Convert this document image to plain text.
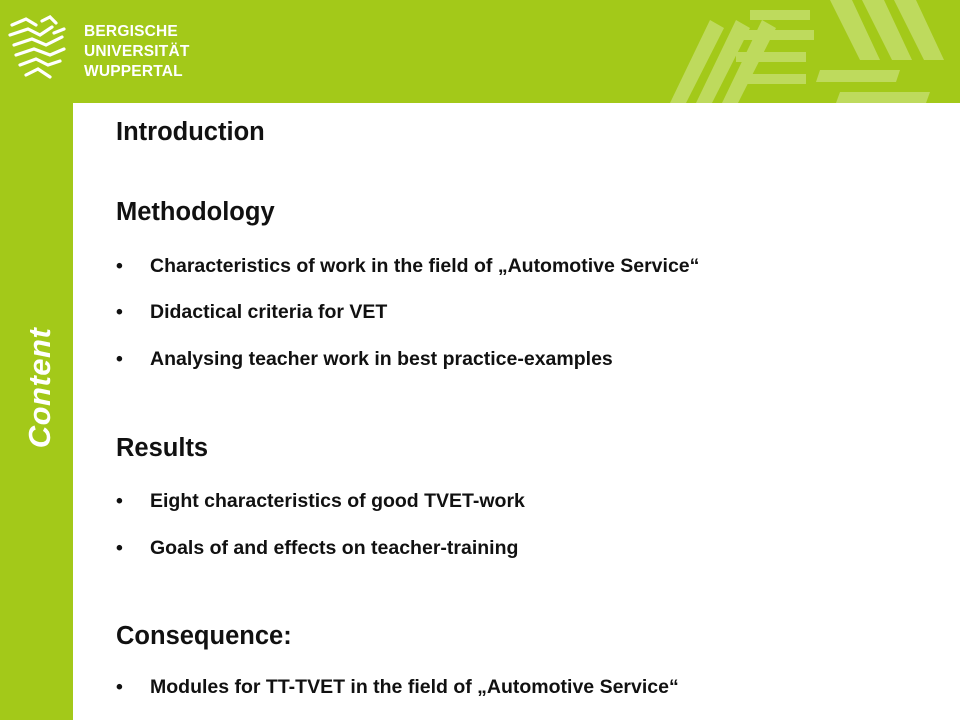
BERGISCHE
UNIVERSITÄT
WUPPERTAL
Content
Introduction
Methodology
• Characteristics of work in the field of „Automotive Service“
• Didactical criteria for VET
• Analysing teacher work in best practice-examples
Results
• Eight characteristics of good TVET-work
• Goals of and effects on teacher-training
Consequence:
• Modules for TT-TVET in the field of „Automotive Service“
